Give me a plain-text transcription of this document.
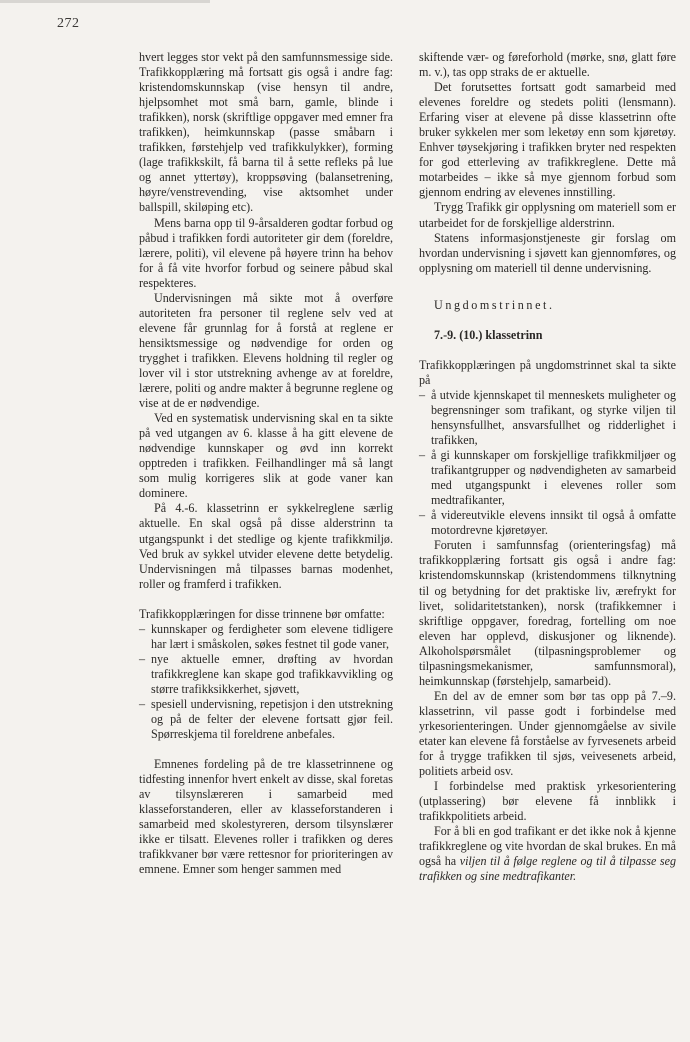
272

hvert legges stor vekt på den samfunnsmessige side. Trafikkopplæring må fortsatt gis også i andre fag: kristendomskunnskap (vise hensyn til andre, hjelpsomhet mot små barn, gamle, blinde i trafikken), norsk (skriftlige oppgaver med emner fra trafikken), heimkunnskap (passe småbarn i trafikken, førstehjelp ved trafikkulykker), forming (lage trafikkskilt, få barna til å sette refleks på lue og annet yttertøy), kroppsøving (balansetrening, høyre/venstrevending, vise aktsomhet under ballspill, skiløping etc).

Mens barna opp til 9-årsalderen godtar forbud og påbud i trafikken fordi autoriteter gir dem (foreldre, lærere, politi), vil elevene på høyere trinn ha behov for å få vite hvorfor forbud og seinere påbud skal respekteres.

Undervisningen må sikte mot å overføre autoriteten fra personer til reglene selv ved at elevene får grunnlag for å forstå at reglene er hensiktsmessige og nødvendige for orden og trygghet i trafikken. Elevens holdning til regler og lover vil i stor utstrekning avhenge av at foreldre, lærere, politi og andre makter å begrunne reglene og vise at de er nødvendige.

Ved en systematisk undervisning skal en ta sikte på ved utgangen av 6. klasse å ha gitt elevene de nødvendige kunnskaper og øvd inn korrekt opptreden i trafikken. Feilhandlinger må så langt som mulig korrigeres slik at gode vaner kan dominere.

På 4.-6. klassetrinn er sykkelreglene særlig aktuelle. En skal også på disse alderstrinn ta utgangspunkt i det stedlige og kjente trafikkmiljø. Ved bruk av sykkel utvider elevene dette betydelig. Undervisningen må tilpasses barnas modenhet, roller og framferd i trafikken.

Trafikkopplæringen for disse trinnene bør omfatte:

– kunnskaper og ferdigheter som elevene tidligere har lært i småskolen, søkes festnet til gode vaner,
– nye aktuelle emner, drøfting av hvordan trafikkreglene kan skape god trafikkavvikling og større trafikksikkerhet, sjøvett,
– spesiell undervisning, repetisjon i den utstrekning og på de felter der elevene fortsatt gjør feil. Spørreskjema til foreldrene anbefales.

Emnenes fordeling på de tre klassetrinnene og tidfesting innenfor hvert enkelt av disse, skal foretas av tilsynslæreren i samarbeid med klasseforstanderen, eller av klasseforstanderen i samarbeid med skolestyreren, dersom tilsynslærer ikke er tilsatt. Elevenes roller i trafikken og deres trafikkvaner bør være rettesnor for prioriteringen av emnene. Emner som henger sammen med

skiftende vær- og føreforhold (mørke, snø, glatt føre m. v.), tas opp straks de er aktuelle.

Det forutsettes fortsatt godt samarbeid med elevenes foreldre og stedets politi (lensmann). Erfaring viser at elevene på disse klassetrinn ofte bruker sykkelen mer som leketøy enn som kjøretøy. Enhver tøysekjøring i trafikken bryter ned respekten for god etterleving av trafikkreglene. Dette må motarbeides – ikke så mye gjennom forbud som gjennom endring av elevenes innstilling.

Trygg Trafikk gir opplysning om materiell som er utarbeidet for de forskjellige alderstrinn.

Statens informasjonstjeneste gir forslag om hvordan undervisning i sjøvett kan gjennomføres, og opplysning om materiell til denne undervisning.

Ungdomstrinnet.

7.-9. (10.) klassetrinn

Trafikkopplæringen på ungdomstrinnet skal ta sikte på

– å utvide kjennskapet til menneskets muligheter og begrensninger som trafikant, og styrke viljen til hensynsfullhet, ansvarsfullhet og ridderlighet i trafikken,
– å gi kunnskaper om forskjellige trafikkmiljøer og trafikantgrupper og nødvendigheten av samarbeid med utgangspunkt i elevenes roller som medtrafikanter,
– å videreutvikle elevens innsikt til også å omfatte motordrevne kjøretøyer.

Foruten i samfunnsfag (orienteringsfag) må trafikkopplæring fortsatt gis også i andre fag: kristendomskunnskap (kristendommens tilknytning til og betydning for det praktiske liv, ærefrykt for livet, solidaritetstanken), norsk (trafikkemner i skriftlige oppgaver, foredrag, fortelling om noe eleven har opplevd, diskusjoner og liknende). Alkoholspørsmålet (tilpasningsproblemer og tilpasningsmekanismer, samfunnsmoral), heimkunnskap (førstehjelp, samarbeid).

En del av de emner som bør tas opp på 7.–9. klassetrinn, vil passe godt i forbindelse med yrkesorienteringen. Under gjennomgåelse av sivile etater kan elevene få forståelse av fyrvesenets arbeid for å trygge trafikken til sjøs, veivesenets arbeid, politiets arbeid osv.

I forbindelse med praktisk yrkesorientering (utplassering) bør elevene få innblikk i trafikkpolitiets arbeid.

For å bli en god trafikant er det ikke nok å kjenne trafikkreglene og vite hvordan de skal brukes. En må også ha viljen til å følge reglene og til å tilpasse seg trafikken og sine medtrafikanter.
